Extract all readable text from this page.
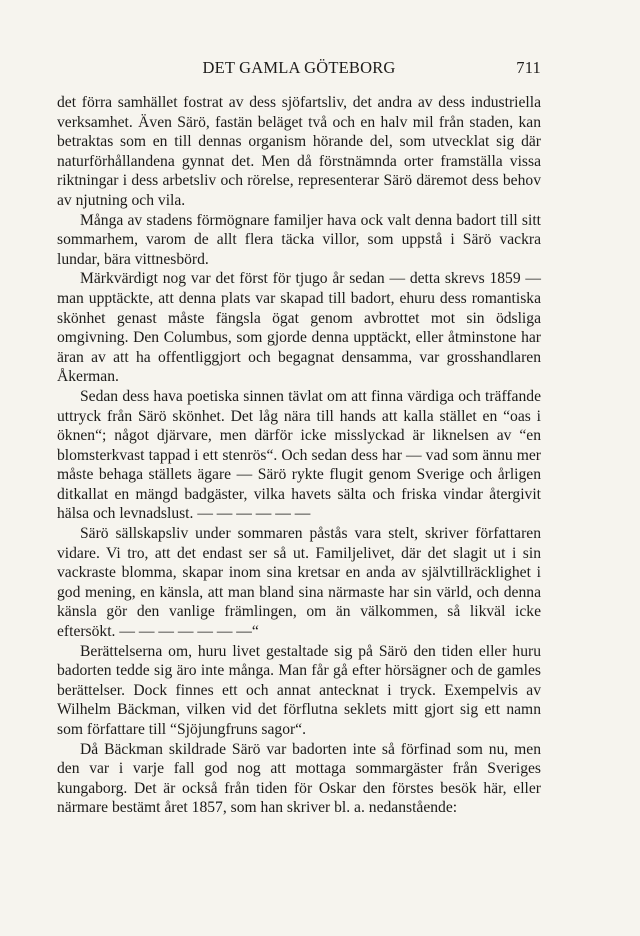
DET GAMLA GÖTEBORG	711

det förra samhället fostrat av dess sjöfartsliv, det andra av dess industriella verksamhet. Även Särö, fastän beläget två och en halv mil från staden, kan betraktas som en till dennas organism hörande del, som utvecklat sig där naturförhållandena gynnat det. Men då förstnämnda orter framställa vissa riktningar i dess arbetsliv och rörelse, representerar Särö däremot dess behov av njutning och vila.

Många av stadens förmögnare familjer hava ock valt denna badort till sitt sommarhem, varom de allt flera täcka villor, som uppstå i Särö vackra lundar, bära vittnesbörd.

Märkvärdigt nog var det först för tjugo år sedan — detta skrevs 1859 — man upptäckte, att denna plats var skapad till badort, ehuru dess romantiska skönhet genast måste fängsla ögat genom avbrottet mot sin ödsliga omgivning. Den Columbus, som gjorde denna upptäckt, eller åtminstone har äran av att ha offentliggjort och begagnat densamma, var grosshandlaren Åkerman.

Sedan dess hava poetiska sinnen tävlat om att finna värdiga och träffande uttryck från Särö skönhet. Det låg nära till hands att kalla stället en “oas i öknen“; något djärvare, men därför icke misslyckad är liknelsen av “en blomsterkvast tappad i ett stenrös“. Och sedan dess har — vad som ännu mer måste behaga ställets ägare — Särö rykte flugit genom Sverige och årligen ditkallat en mängd badgäster, vilka havets sälta och friska vindar återgivit hälsa och levnadslust. — — — — — —

Särö sällskapsliv under sommaren påstås vara stelt, skriver författaren vidare. Vi tro, att det endast ser så ut. Familjelivet, där det slagit ut i sin vackraste blomma, skapar inom sina kretsar en anda av självtillräcklighet i god mening, en känsla, att man bland sina närmaste har sin värld, och denna känsla gör den vanlige främlingen, om än välkommen, så likväl icke eftersökt. — — — — — — —“

Berättelserna om, huru livet gestaltade sig på Särö den tiden eller huru badorten tedde sig äro inte många. Man får gå efter hörsägner och de gamles berättelser. Dock finnes ett och annat antecknat i tryck. Exempelvis av Wilhelm Bäckman, vilken vid det förflutna seklets mitt gjort sig ett namn som författare till “Sjöjungfruns sagor“.

Då Bäckman skildrade Särö var badorten inte så förfinad som nu, men den var i varje fall god nog att mottaga sommargäster från Sveriges kungaborg. Det är också från tiden för Oskar den förstes besök här, eller närmare bestämt året 1857, som han skriver bl. a. nedanstående:
